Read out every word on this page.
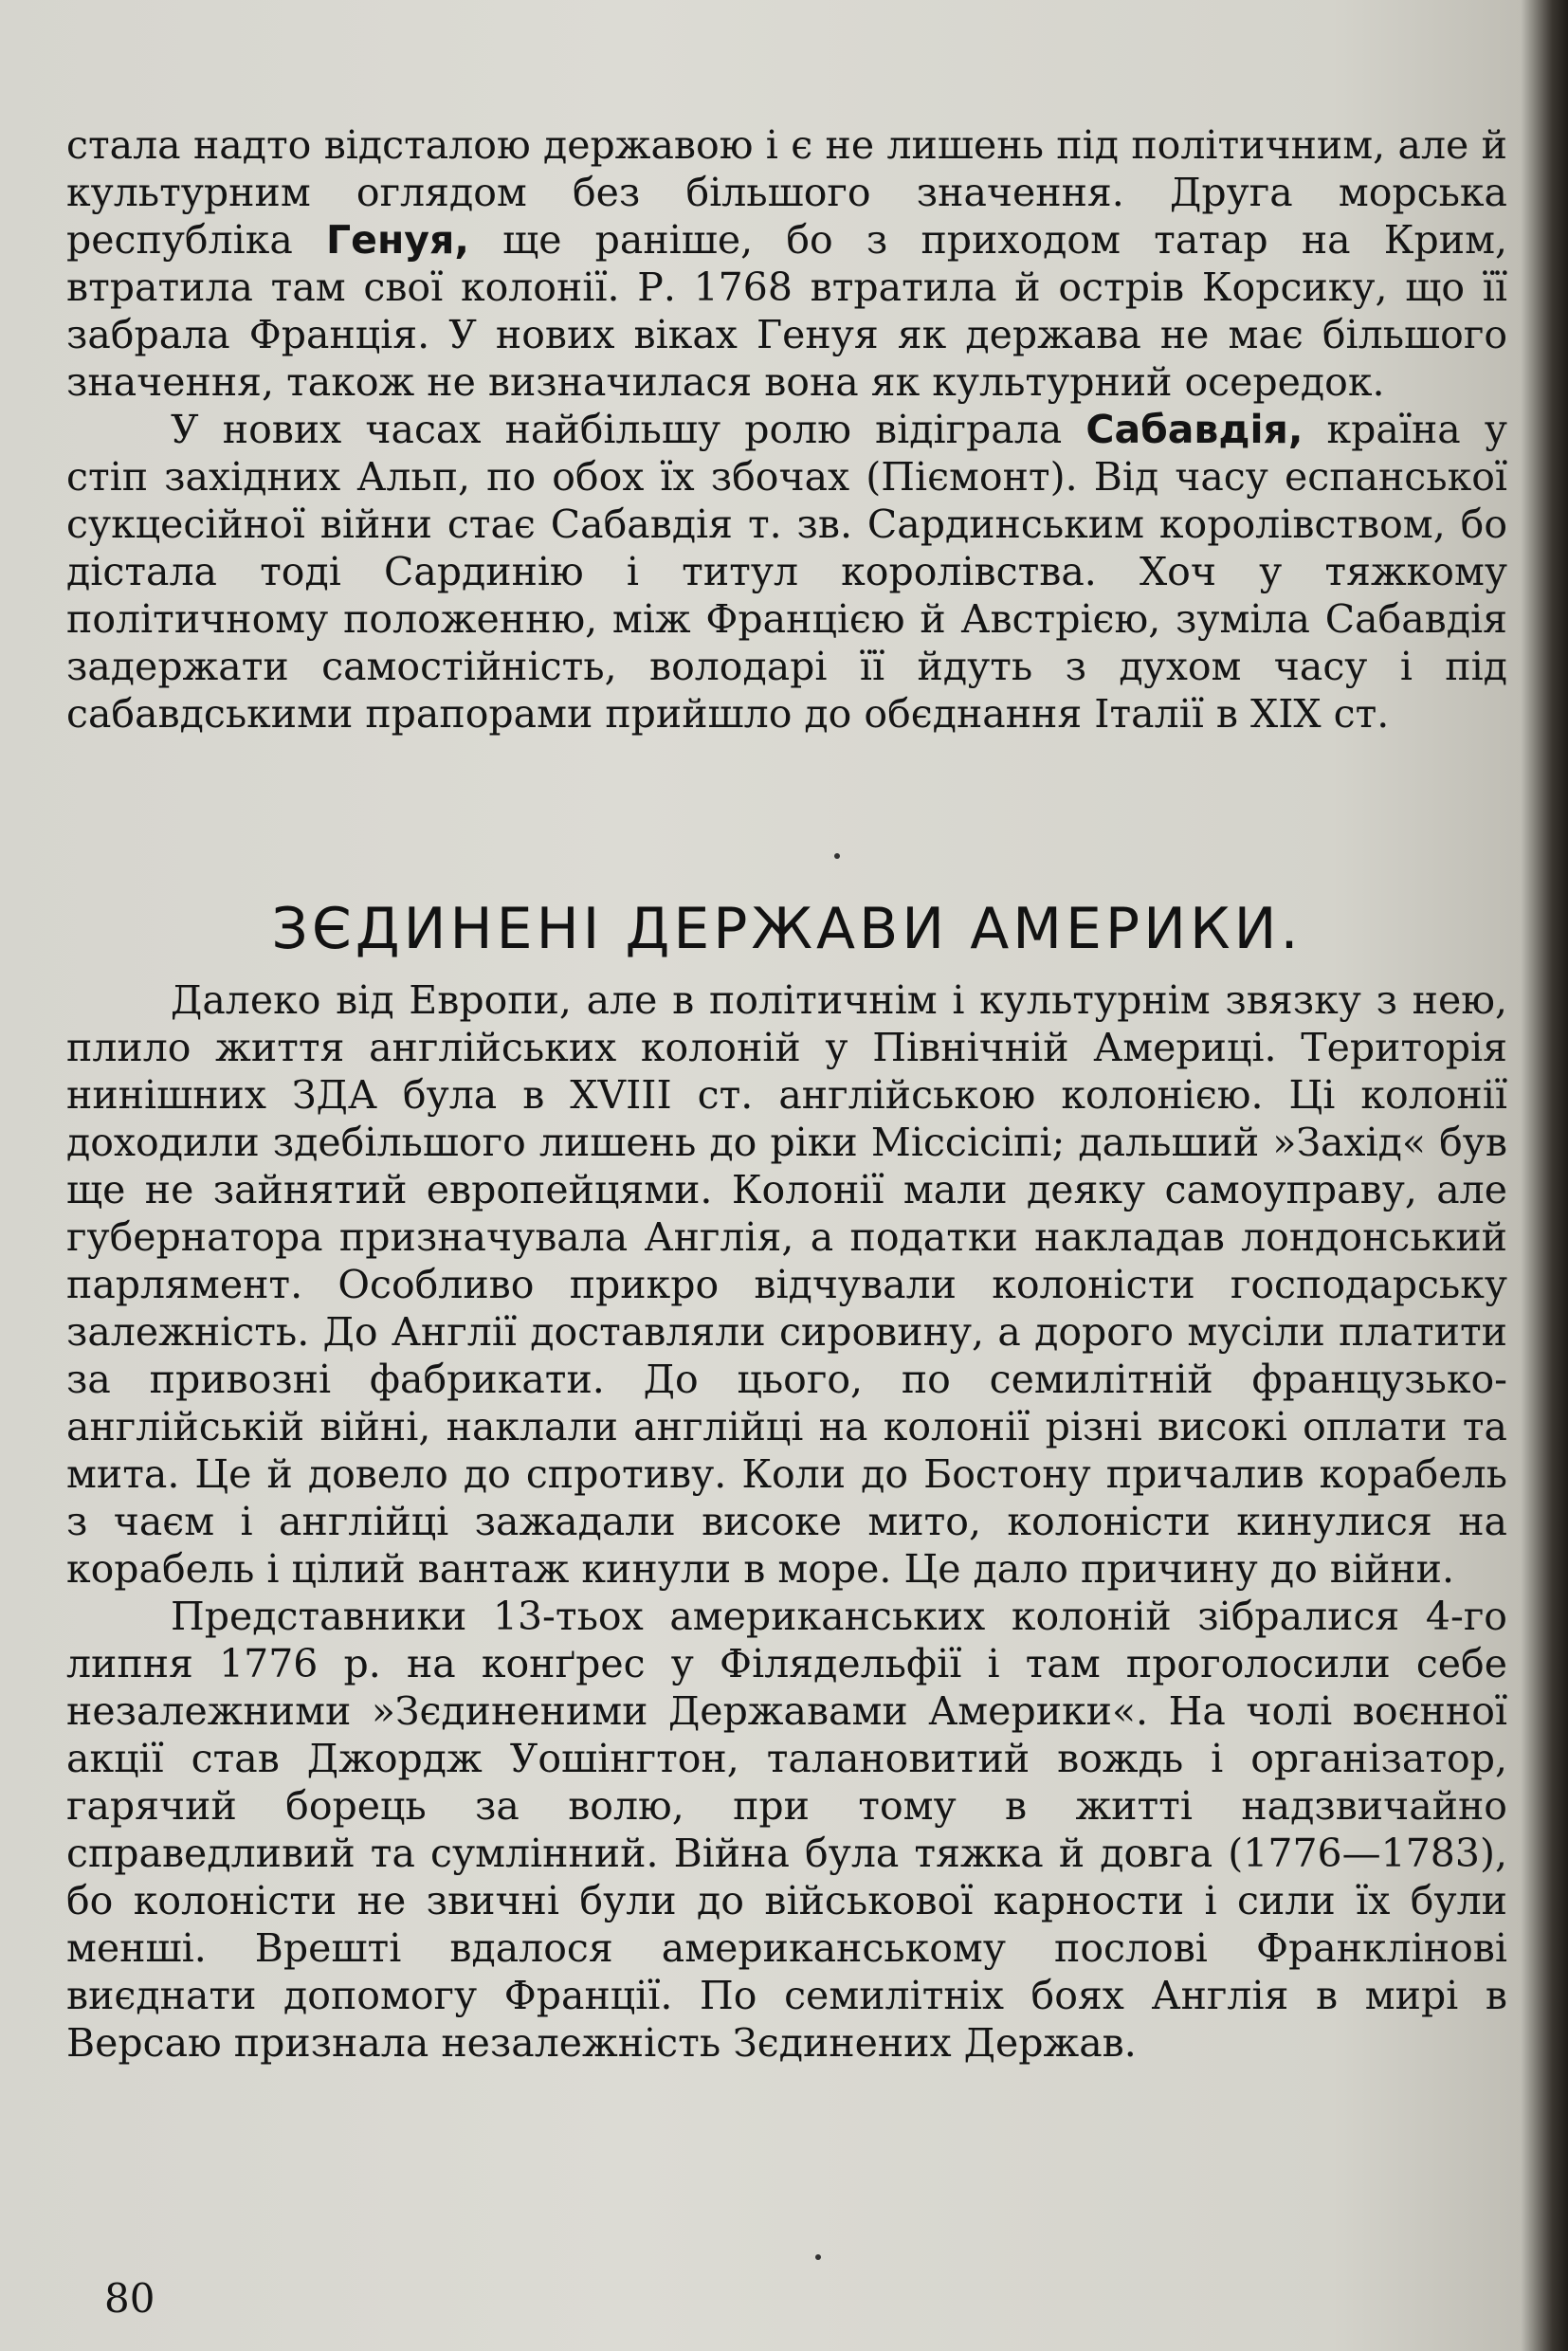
стала надто відсталою державою і є не лишень під політичним, але й культурним оглядом без більшого значення. Друга морська республіка Генуя, ще раніше, бо з приходом татар на Крим, втратила там свої колонії. Р. 1768 втратила й острів Корсику, що її забрала Франція. У нових віках Генуя як держава не має більшого значення, також не визначилася вона як культурний осередок.

У нових часах найбільшу ролю відіграла Сабавдія, країна у стіп західних Альп, по обох їх збочах (Піємонт). Від часу еспанської сукцесійної війни стає Сабавдія т. зв. Сардинським королівством, бо дістала тоді Сардинію і титул королівства. Хоч у тяжкому політичному положенню, між Францією й Австрією, зуміла Сабавдія задержати самостійність, володарі її йдуть з духом часу і під сабавдськими прапорами прийшло до обєднання Італії в XIX ст.

ЗЄДИНЕНІ ДЕРЖАВИ АМЕРИКИ.

Далеко від Европи, але в політичнім і культурнім звязку з нею, плило життя англійських колоній у Північній Америці. Територія нинішних ЗДА була в XVIII ст. англійською колонією. Ці колонії доходили здебільшого лишень до ріки Міссісіпі; дальший »Захід« був ще не зайнятий европейцями. Колонії мали деяку самоуправу, але губернатора призначувала Англія, а податки накладав лондонський парлямент. Особливо прикро відчували колоністи господарську залежність. До Англії доставляли сировину, а дорого мусіли платити за привозні фабрикати. До цього, по семилітній французько-англійській війні, наклали англійці на колонії різні високі оплати та мита. Це й довело до спротиву. Коли до Бостону причалив корабель з чаєм і англійці зажадали високе мито, колоністи кинулися на корабель і цілий вантаж кинули в море. Це дало причину до війни.

Представники 13-тьох американських колоній зібралися 4-го липня 1776 р. на конґрес у Філядельфії і там проголосили себе незалежними »Зєдиненими Державами Америки«. На чолі воєнної акції став Джордж Уошінгтон, талановитий вождь і організатор, гарячий борець за волю, при тому в житті надзвичайно справедливий та сумлінний. Війна була тяжка й довга (1776—1783), бо колоністи не звичні були до військової карности і сили їх були менші. Врешті вдалося американському послові Франклінові виєднати допомогу Франції. По семилітніх боях Англія в мирі в Версаю признала незалежність Зєдинених Держав.

80
